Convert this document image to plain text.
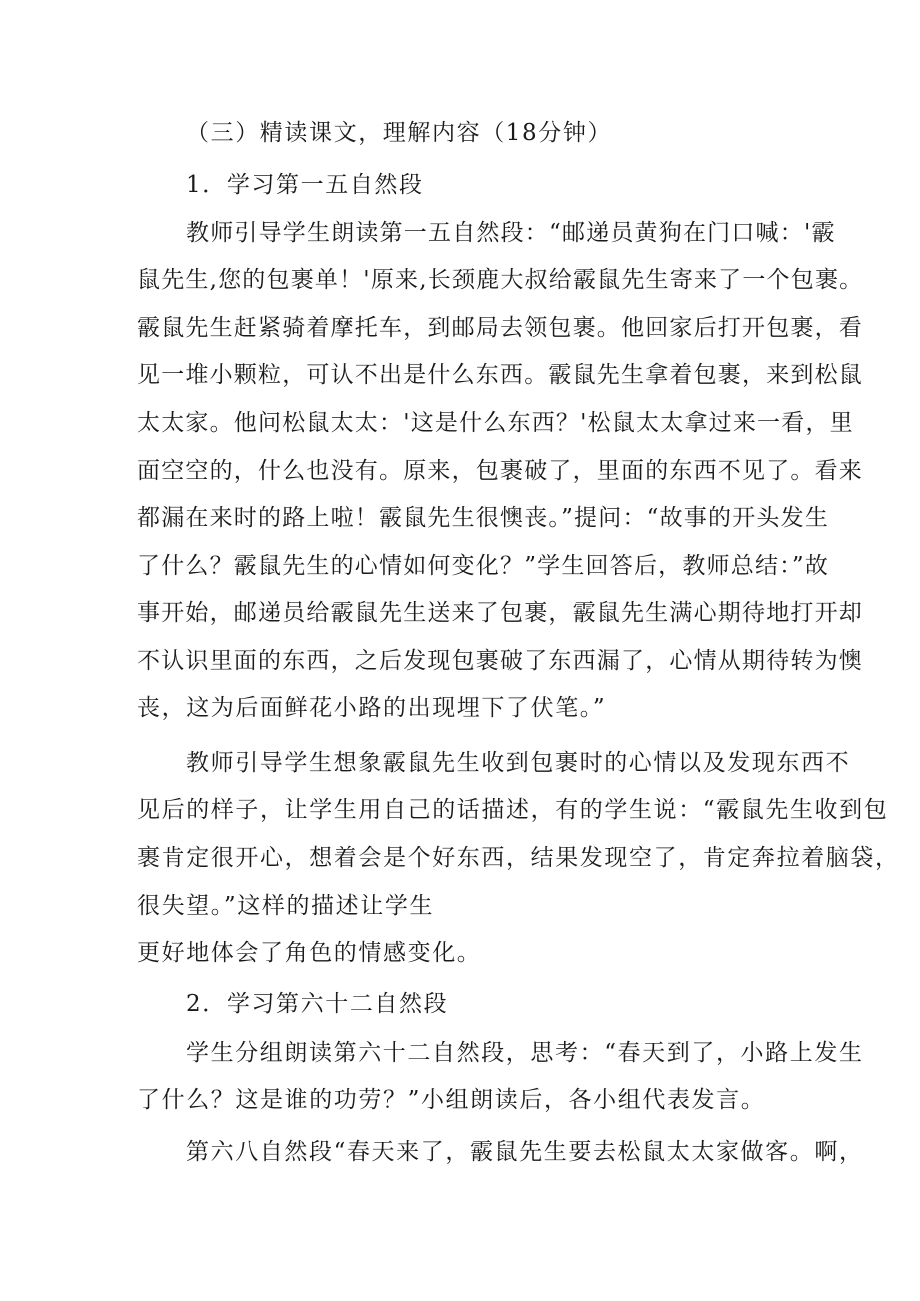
（三）精读课文，理解内容（18分钟）
1．学习第一五自然段
教师引导学生朗读第一五自然段：“邮递员黄狗在门口喊：'霰
鼠先生,您的包裹单！'原来,长颈鹿大叔给霰鼠先生寄来了一个包裹。
霰鼠先生赶紧骑着摩托车，到邮局去领包裹。他回家后打开包裹，看
见一堆小颗粒，可认不出是什么东西。霰鼠先生拿着包裹，来到松鼠
太太家。他问松鼠太太：'这是什么东西？'松鼠太太拿过来一看，里
面空空的，什么也没有。原来，包裹破了，里面的东西不见了。看来
都漏在来时的路上啦！霰鼠先生很懊丧。”提问：“故事的开头发生
了什么？霰鼠先生的心情如何变化？”学生回答后，教师总结：”故
事开始，邮递员给霰鼠先生送来了包裹，霰鼠先生满心期待地打开却
不认识里面的东西，之后发现包裹破了东西漏了，心情从期待转为懊
丧，这为后面鲜花小路的出现埋下了伏笔。”
教师引导学生想象霰鼠先生收到包裹时的心情以及发现东西不
见后的样子，让学生用自己的话描述，有的学生说：“霰鼠先生收到包
裹肯定很开心，想着会是个好东西，结果发现空了，肯定奔拉着脑袋，
很失望。”这样的描述让学生
更好地体会了角色的情感变化。
2．学习第六十二自然段
学生分组朗读第六十二自然段，思考：“春天到了，小路上发生
了什么？这是谁的功劳？”小组朗读后，各小组代表发言。
第六八自然段“春天来了，霰鼠先生要去松鼠太太家做客。啊，
